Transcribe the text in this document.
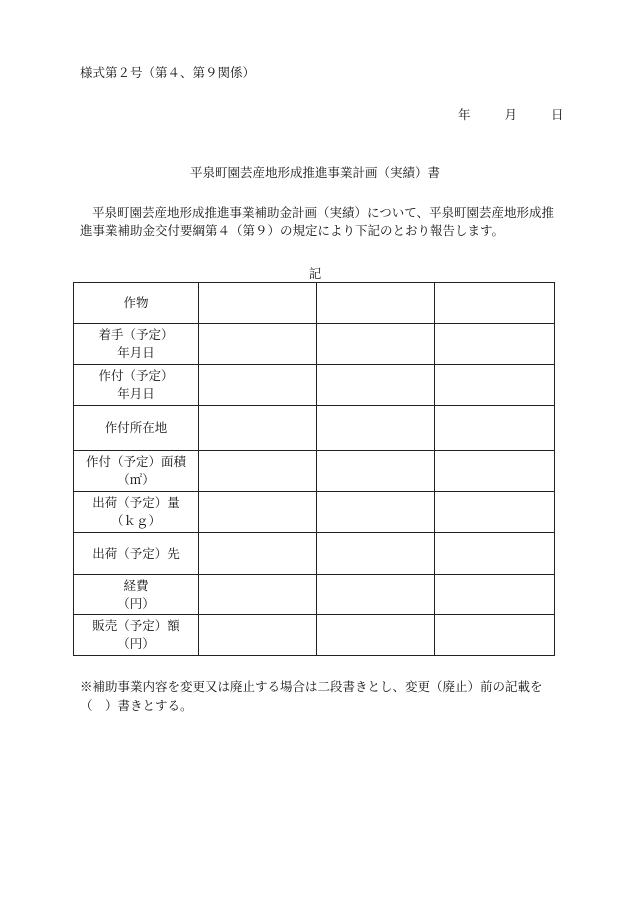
様式第２号（第４、第９関係）
年	月	日
平泉町園芸産地形成推進事業計画（実績）書
平泉町園芸産地形成推進事業補助金計画（実績）について、平泉町園芸産地形成推進事業補助金交付要綱第４（第９）の規定により下記のとおり報告します。
記
作物			

着手（予定）
年月日			

作付（予定）
年月日			

作付所在地			

作付（予定）面積
（㎡）			

出荷（予定）量
（ｋｇ）			

出荷（予定）先			

経費
（円）			

販売（予定）額
（円）			

※補助事業内容を変更又は廃止する場合は二段書きとし、変更（廃止）前の記載を（　）書きとする。
